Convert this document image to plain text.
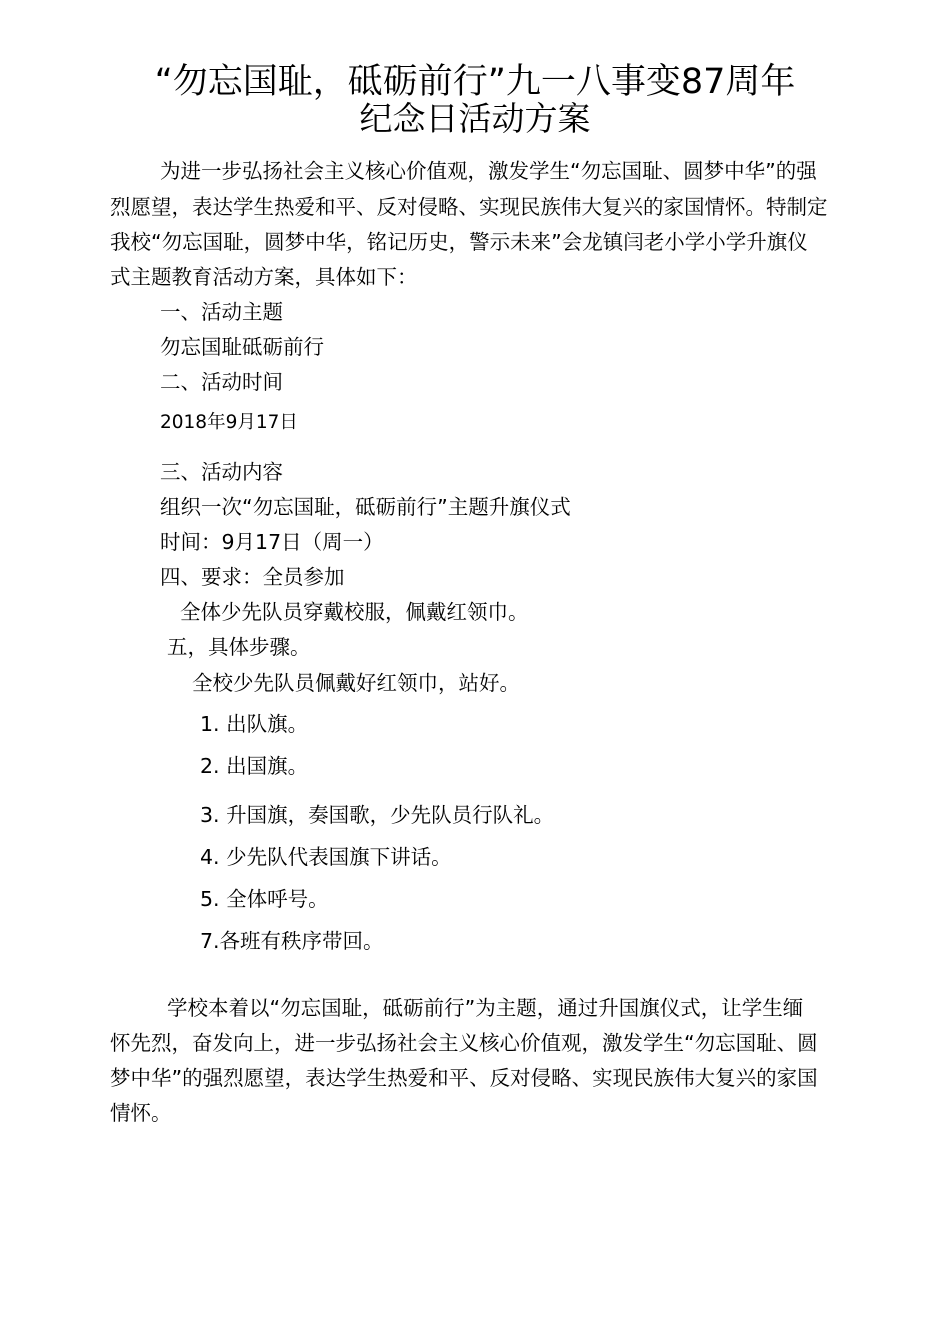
“勿忘国耻，砥砺前行”九一八事变87周年
纪念日活动方案
为进一步弘扬社会主义核心价值观，激发学生“勿忘国耻、圆梦中华”的强
烈愿望，表达学生热爱和平、反对侵略、实现民族伟大复兴的家国情怀。特制定
我校“勿忘国耻，圆梦中华，铭记历史，警示未来”会龙镇闫老小学小学升旗仪
式主题教育活动方案，具体如下：
一、活动主题
勿忘国耻砥砺前行
二、活动时间
2018年9月17日
三、活动内容
组织一次“勿忘国耻，砥砺前行”主题升旗仪式
时间：9月17日（周一）
四、要求：全员参加
全体少先队员穿戴校服，佩戴红领巾。
五，具体步骤。
全校少先队员佩戴好红领巾，站好。
1. 出队旗。
2. 出国旗。
3. 升国旗，奏国歌，少先队员行队礼。
4. 少先队代表国旗下讲话。
5. 全体呼号。
7.各班有秩序带回。
学校本着以“勿忘国耻，砥砺前行”为主题，通过升国旗仪式，让学生缅
怀先烈，奋发向上，进一步弘扬社会主义核心价值观，激发学生“勿忘国耻、圆
梦中华”的强烈愿望，表达学生热爱和平、反对侵略、实现民族伟大复兴的家国
情怀。
